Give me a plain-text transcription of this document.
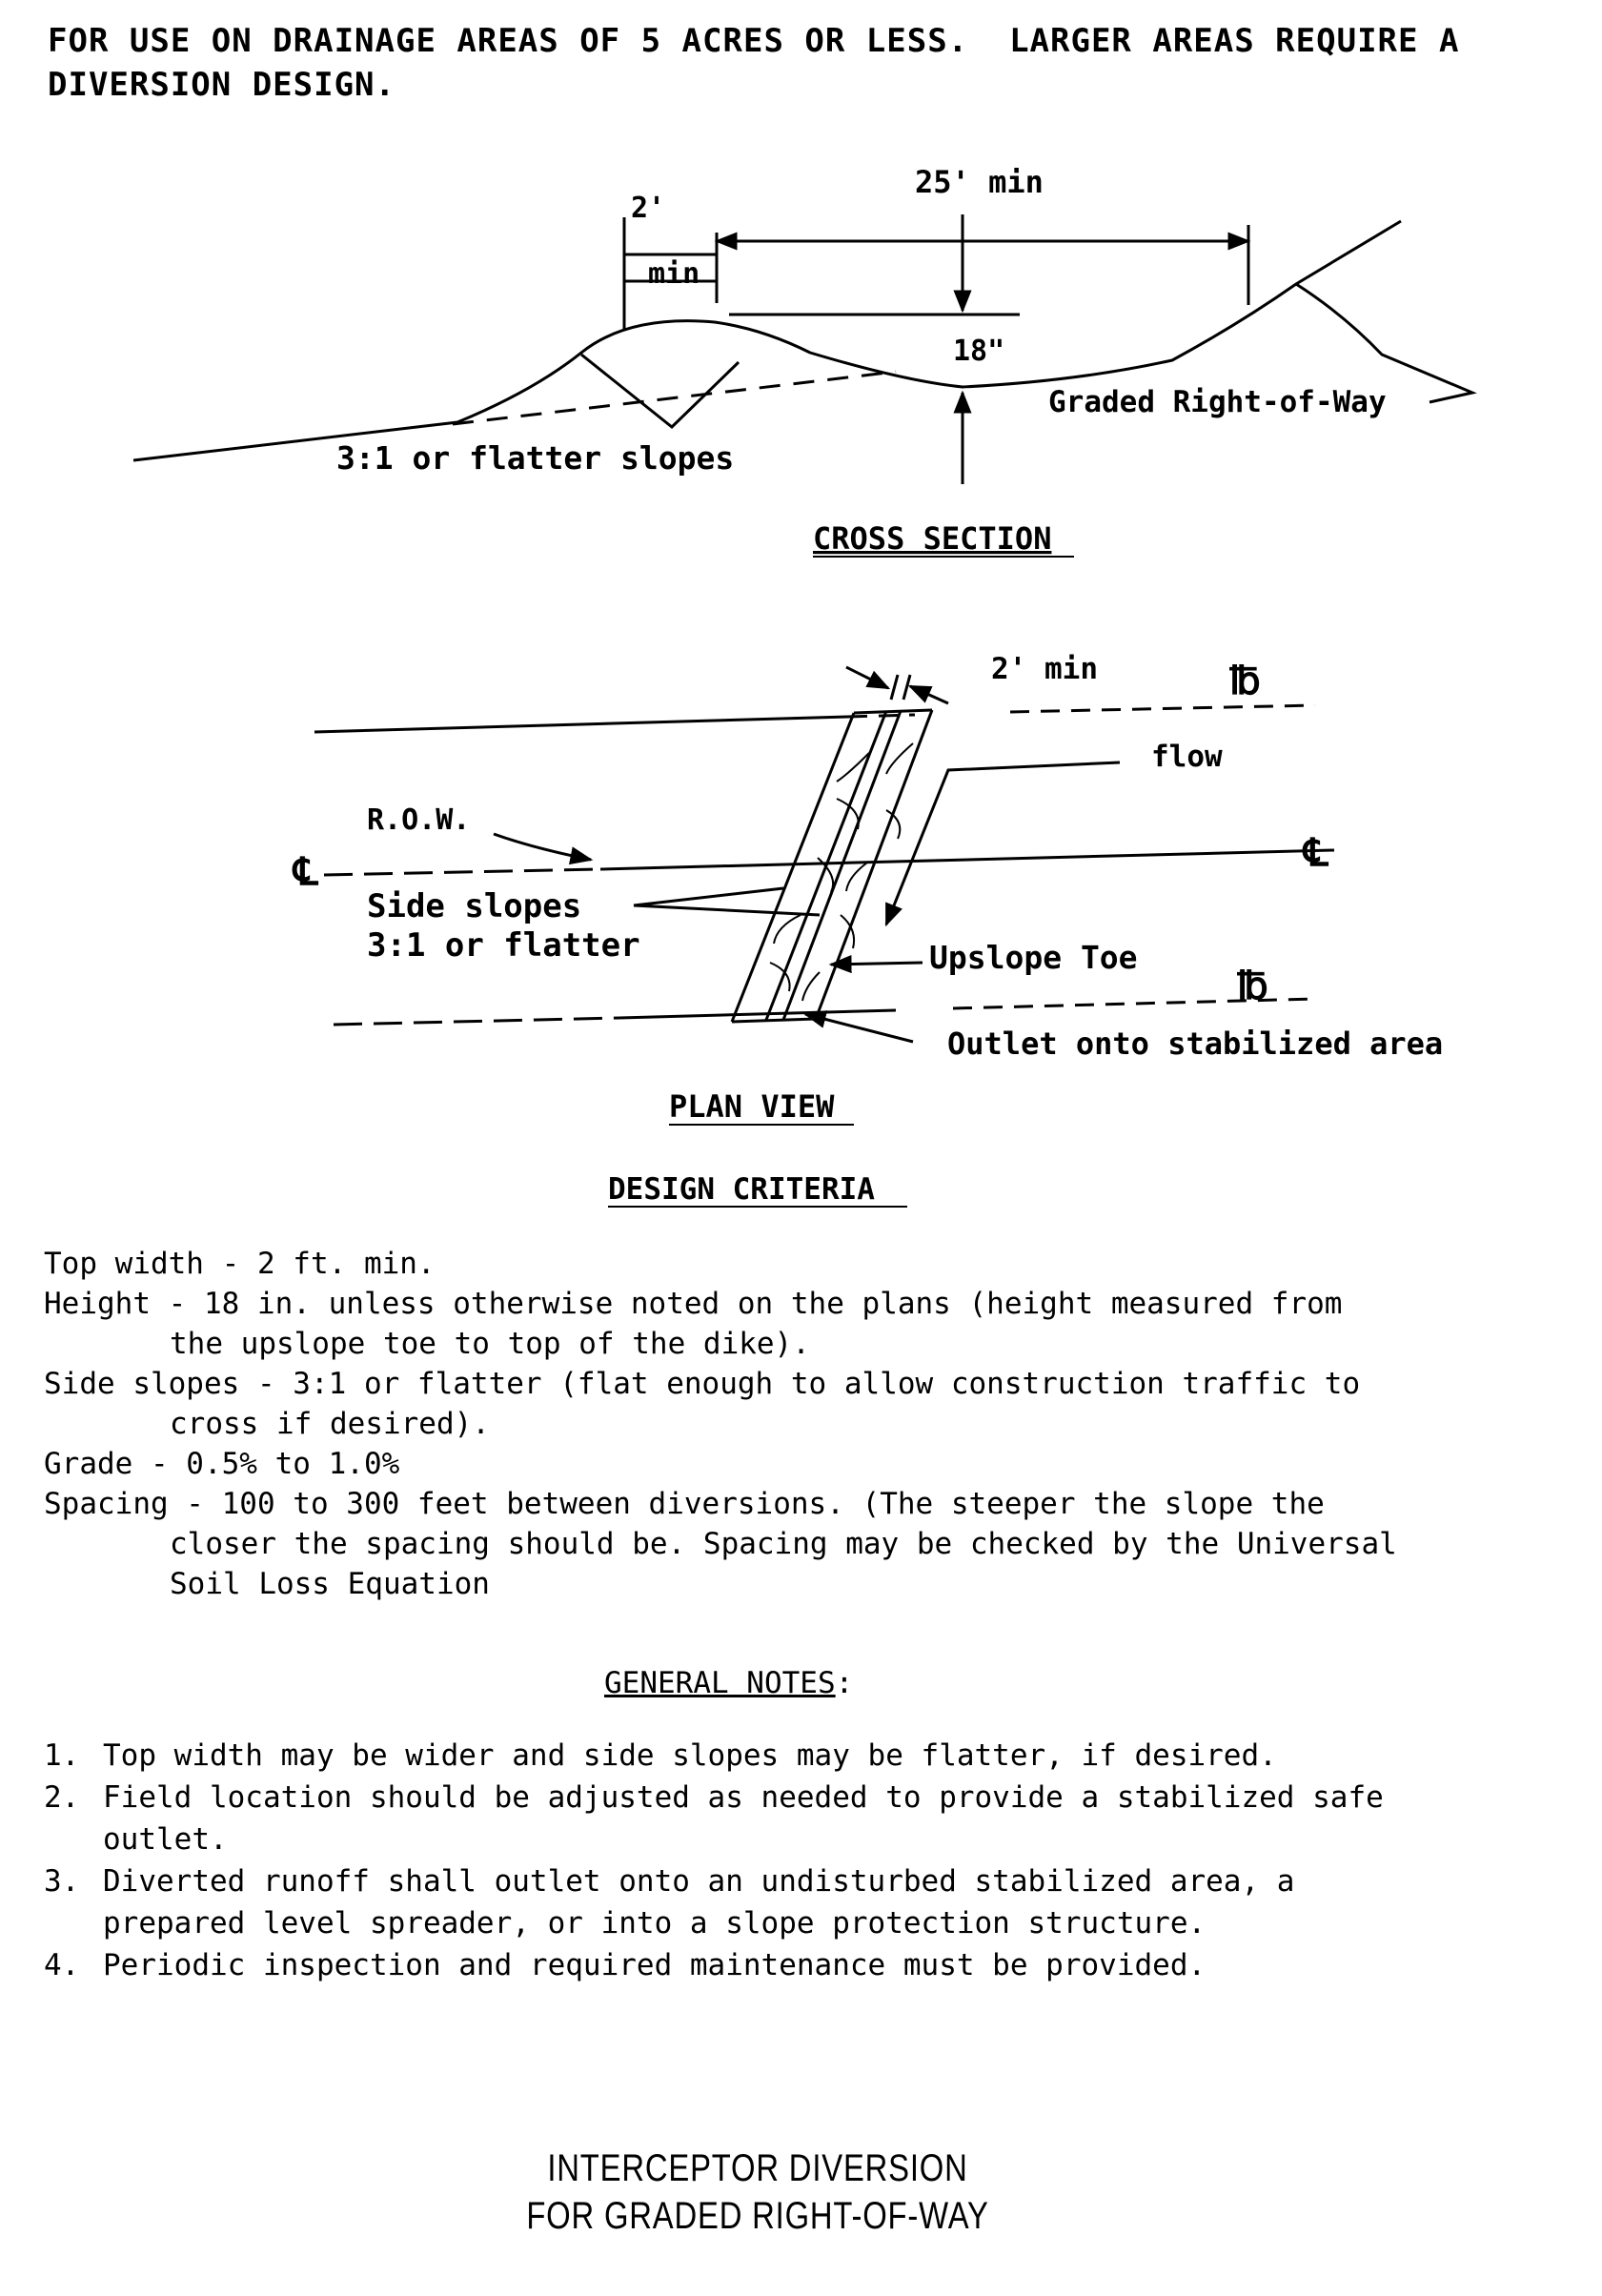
FOR USE ON DRAINAGE AREAS OF 5 ACRES OR LESS.  LARGER AREAS REQUIRE A
DIVERSION DESIGN.
2'
min
25' min
18"
Graded Right-of-Way
3:1 or flatter slopes
CROSS SECTION
℔
℄
℄
℔
2' min
flow
R.O.W.
Side slopes
3:1 or flatter	Upslope Toe
Outlet onto stabilized area
PLAN VIEW
DESIGN CRITERIA
Top width - 2 ft. min.
Height - 18 in. unless otherwise noted on the plans (height measured from
the upslope toe to top of the dike).
Side slopes - 3:1 or flatter (flat enough to allow construction traffic to
cross if desired).
Grade - 0.5% to 1.0%
Spacing - 100 to 300 feet between diversions. (The steeper the slope the
closer the spacing should be. Spacing may be checked by the Universal
Soil Loss Equation
GENERAL NOTES:
1. Top width may be wider and side slopes may be flatter, if desired.
2. Field location should be adjusted as needed to provide a stabilized safe
outlet.
3. Diverted runoff shall outlet onto an undisturbed stabilized area, a
prepared level spreader, or into a slope protection structure.
4. Periodic inspection and required maintenance must be provided.
INTERCEPTOR DIVERSION
FOR GRADED RIGHT-OF-WAY
